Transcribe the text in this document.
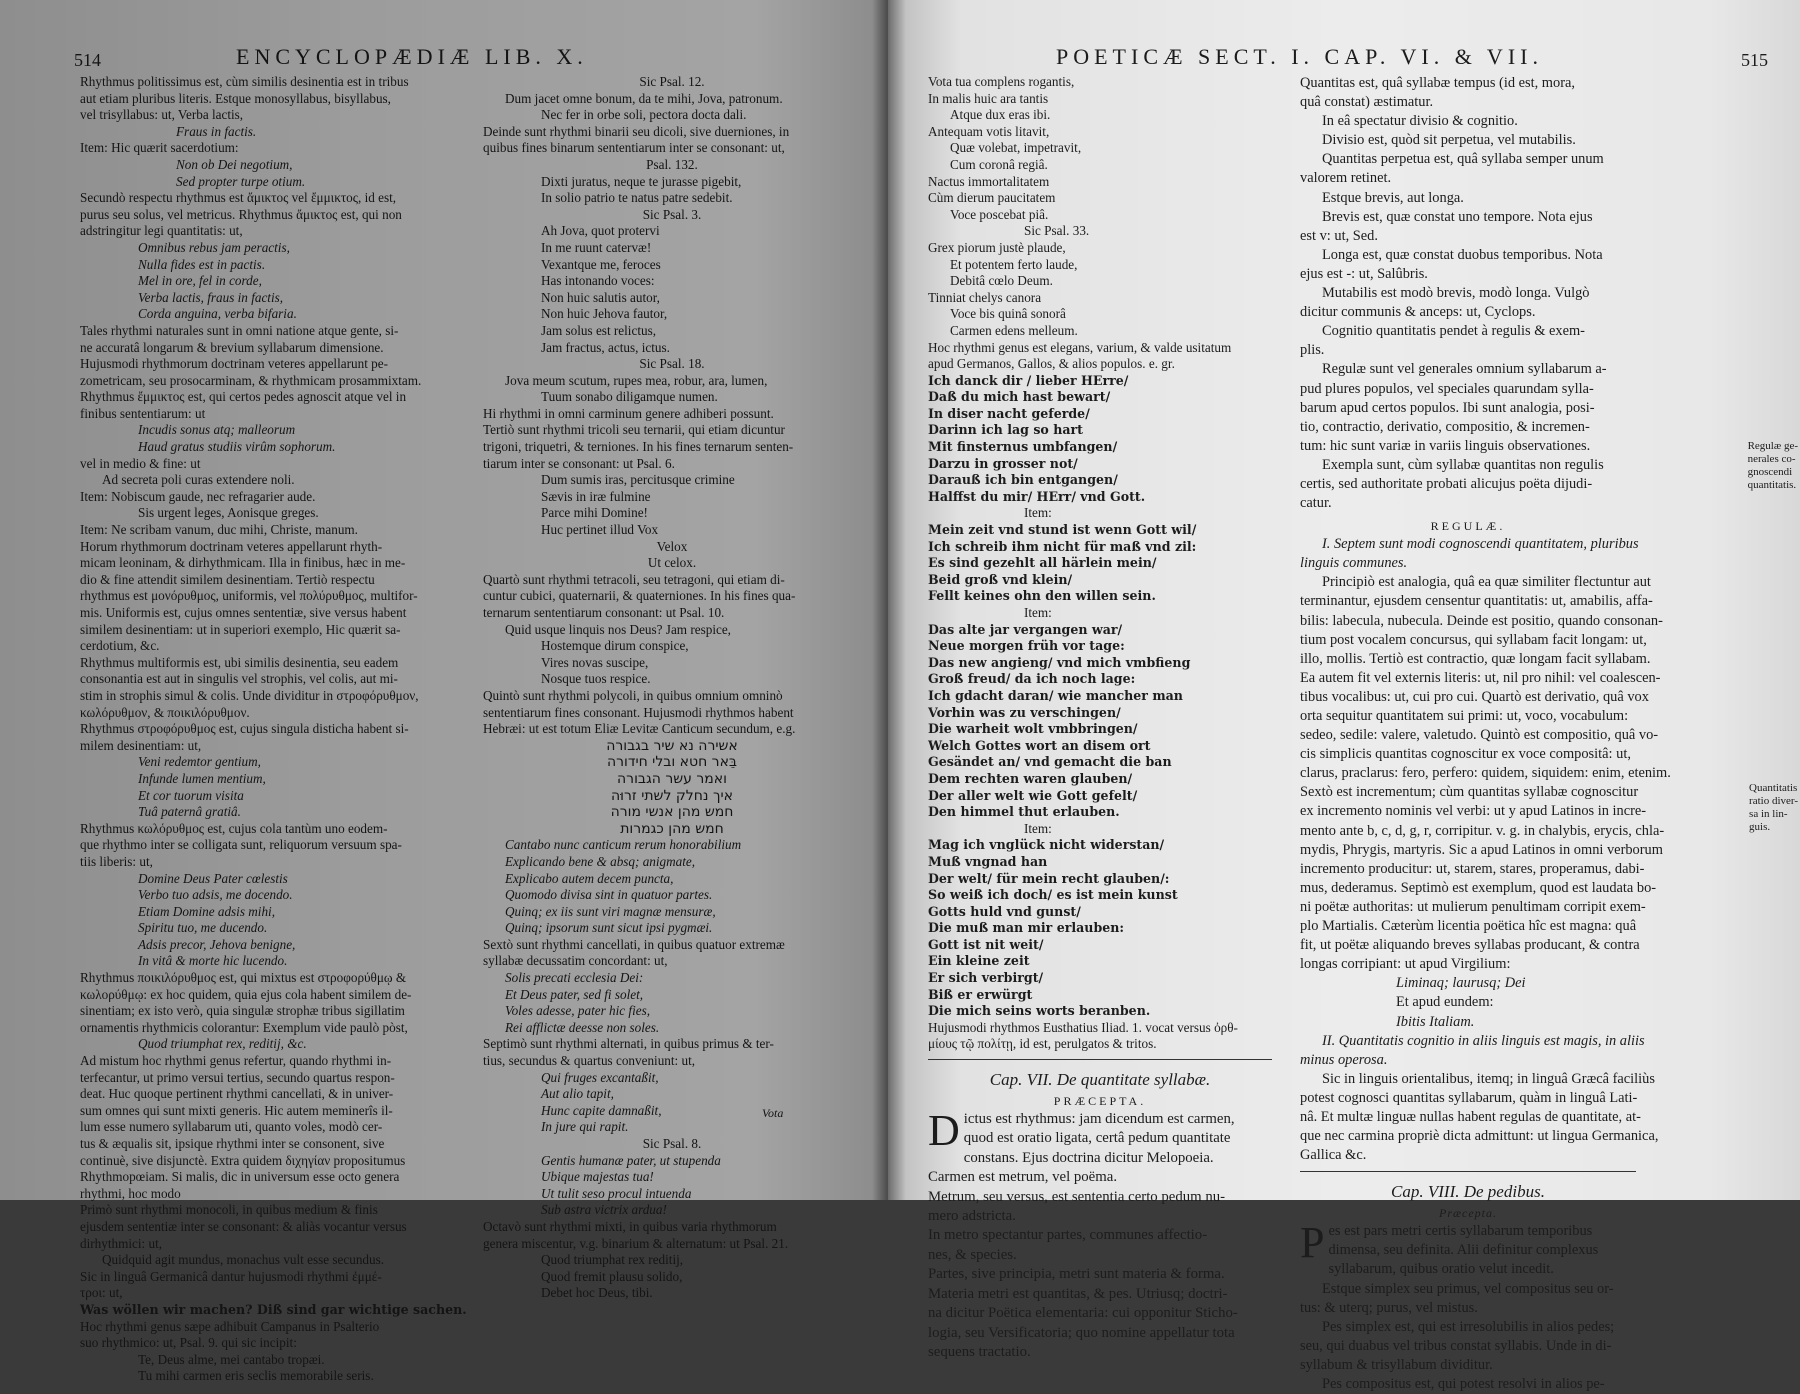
514	ENCYCLOPÆDIÆ LIB. X.
Rhythmus politissimus est, cùm similis desinentia est in tribus
aut etiam pluribus literis. Estque monosyllabus, bisyllabus,
vel trisyllabus: ut, Verba lactis,
Fraus in factis.
Item: Hic quærit sacerdotium:
Non ob Dei negotium,
Sed propter turpe otium.
Secundò respectu rhythmus est ἄμικτος vel ἔμμικτος, id est,
purus seu solus, vel metricus. Rhythmus ἄμικτος est, qui non
adstringitur legi quantitatis: ut,
Omnibus rebus jam peractis,
Nulla fides est in pactis.
Mel in ore, fel in corde,
Verba lactis, fraus in factis,
Corda anguina, verba bifaria.
Tales rhythmi naturales sunt in omni natione atque gente, si-
ne accuratâ longarum & brevium syllabarum dimensione.
Hujusmodi rhythmorum doctrinam veteres appellarunt pe-
zometricam, seu prosocarminam, & rhythmicam prosammixtam.
Rhythmus ἔμμικτος est, qui certos pedes agnoscit atque vel in
finibus sententiarum: ut
Incudis sonus atq; malleorum
Haud gratus studiis virûm sophorum.
vel in medio & fine: ut
Ad secreta poli curas extendere noli.
Item: Nobiscum gaude, nec refragarier aude.
Sis urgent leges, Aonisque greges.
Item: Ne scribam vanum, duc mihi, Christe, manum.
Horum rhythmorum doctrinam veteres appellarunt rhyth-
micam leoninam, & dirhythmicam. Illa in finibus, hæc in me-
dio & fine attendit similem desinentiam. Tertiò respectu
rhythmus est μονόρυθμος, uniformis, vel πολύρυθμος, multifor-
mis. Uniformis est, cujus omnes sententiæ, sive versus habent
similem desinentiam: ut in superiori exemplo, Hic quærit sa-
cerdotium, &c.
Rhythmus multiformis est, ubi similis desinentia, seu eadem
consonantia est aut in singulis vel strophis, vel colis, aut mi-
stim in strophis simul & colis. Unde dividitur in στροφόρυθμον,
κωλόρυθμον, & ποικιλόρυθμον.
Rhythmus στροφόρυθμος est, cujus singula disticha habent si-
milem desinentiam: ut,
Veni redemtor gentium,
Infunde lumen mentium,
Et cor tuorum visita
Tuâ paternâ gratiâ.
Rhythmus κωλόρυθμος est, cujus cola tantùm uno eodem-
que rhythmo inter se colligata sunt, reliquorum versuum spa-
tiis liberis: ut,
Domine Deus Pater cœlestis
Verbo tuo adsis, me docendo.
Etiam Domine adsis mihi,
Spiritu tuo, me ducendo.
Adsis precor, Jehova benigne,
In vitâ & morte hic lucendo.
Rhythmus ποικιλόρυθμος est, qui mixtus est στροφορύθμῳ &
κωλορύθμῳ: ex hoc quidem, quia ejus cola habent similem de-
sinentiam; ex isto verò, quia singulæ strophæ tribus sigillatim
ornamentis rhythmicis colorantur: Exemplum vide paulò pòst,
Quod triumphat rex, reditij, &c.
Ad mistum hoc rhythmi genus refertur, quando rhythmi in-
terfecantur, ut primo versui tertius, secundo quartus respon-
deat. Huc quoque pertinent rhythmi cancellati, & in univer-
sum omnes qui sunt mixti generis. Hic autem meminerîs il-
lum esse numero syllabarum uti, quanto voles, modò cer-
tus & æqualis sit, ipsique rhythmi inter se consonent, sive
continuè, sive disjunctè. Extra quidem διχηγίαν propositumus
Rhythmopœiam. Si malis, dic in universum esse octo genera
rhythmi, hoc modo
Primò sunt rhythmi monocoli, in quibus medium & finis
ejusdem sententiæ inter se consonant: & aliàs vocantur versus
dirhythmici: ut,
Quidquid agit mundus, monachus vult esse secundus.
Sic in linguâ Germanicâ dantur hujusmodi rhythmi ἐμμέ-
τροι: ut,
Was wöllen wir machen? Diß sind gar wichtige sachen.
Hoc rhythmi genus sæpe adhibuit Campanus in Psalterio
suo rhythmico: ut, Psal. 9. qui sic incipit:
Te, Deus alme, mei cantabo tropæi.
Tu mihi carmen eris seclis memorabile seris.
Sic Psal. 12.
Dum jacet omne bonum, da te mihi, Jova, patronum.
Nec fer in orbe soli, pectora docta dali.
Deinde sunt rhythmi binarii seu dicoli, sive duerniones, in
quibus fines binarum sententiarum inter se consonant: ut,
Psal. 132.
Dixti juratus, neque te jurasse pigebit,
In solio patrio te natus patre sedebit.
Sic Psal. 3.
Ah Jova, quot protervi
In me ruunt catervæ!
Vexantque me, feroces
Has intonando voces:
Non huic salutis autor,
Non huic Jehova fautor,
Jam solus est relictus,
Jam fractus, actus, ictus.
Sic Psal. 18.
Jova meum scutum, rupes mea, robur, ara, lumen,
Tuum sonabo diligamque numen.
Hi rhythmi in omni carminum genere adhiberi possunt.
Tertiò sunt rhythmi tricoli seu ternarii, qui etiam dicuntur
trigoni, triquetri, & terniones. In his fines ternarum senten-
tiarum inter se consonant: ut Psal. 6.
Dum sumis iras, percitusque crimine
Sævis in iræ fulmine
Parce mihi Domine!
Huc pertinet illud Vox
Velox
Ut celox.
Quartò sunt rhythmi tetracoli, seu tetragoni, qui etiam di-
cuntur cubici, quaternarii, & quaterniones. In his fines qua-
ternarum sententiarum consonant: ut Psal. 10.
Quid usque linquis nos Deus? Jam respice,
Hostemque dirum conspice,
Vires novas suscipe,
Nosque tuos respice.
Quintò sunt rhythmi polycoli, in quibus omnium omninò
sententiarum fines consonant. Hujusmodi rhythmos habent
Hebræi: ut est totum Eliæ Levitæ Canticum secundum, e.g.
אשירה נא שיר בגבורה
בֵּאר חטא ובלי חידורה
ואמר עשר הגבורה
איך נחלק לשתי זרוּה
חמש מהן אנשי מורה
חמש מהן כגמרות
Cantabo nunc canticum rerum honorabilium
Explicando bene & absq; anigmate,
Explicabo autem decem puncta,
Quomodo divisa sint in quatuor partes.
Quinq; ex iis sunt viri magnæ mensuræ,
Quinq; ipsorum sunt sicut ipsi pygmæi.
Sextò sunt rhythmi cancellati, in quibus quatuor extremæ
syllabæ decussatim concordant: ut,
Solis precati ecclesia Dei:
Et Deus pater, sed fi solet,
Voles adesse, pater hic fies,
Rei afflictæ deesse non soles.
Septimò sunt rhythmi alternati, in quibus primus & ter-
tius, secundus & quartus conveniunt: ut,
Qui fruges excantaßit,
Aut alio tapit,
Hunc capite damnaßit,
In jure qui rapit.
Sic Psal. 8.
Gentis humanæ pater, ut stupenda
Ubique majestas tua!
Ut tulit seso procul intuenda
Sub astra victrix ardua!
Octavò sunt rhythmi mixti, in quibus varia rhythmorum
genera miscentur, v.g. binarium & alternatum: ut Psal. 21.
Quod triumphat rex reditij,
Quod fremit plausu solido,
Debet hoc Deus, tibi.
Vota
POETICÆ SECT. I. CAP. VI. & VII.	515
Vota tua complens rogantis,
In malis huic ara tantis
Atque dux eras ibi.
Antequam votis litavit,
Quæ volebat, impetravit,
Cum coronâ regiâ.
Nactus immortalitatem
Cùm dierum paucitatem
Voce poscebat piâ.
Sic Psal. 33.
Grex piorum justè plaude,
Et potentem ferto laude,
Debitâ cœlo Deum.
Tinniat chelys canora
Voce bis quinâ sonorâ
Carmen edens melleum.
Hoc rhythmi genus est elegans, varium, & valde usitatum
apud Germanos, Gallos, & alios populos. e. gr.
Ich danck dir / lieber HErre/
Daß du mich hast bewart/
In diser nacht geferde/
Darinn ich lag so hart
Mit finsternus umbfangen/
Darzu in grosser not/
Darauß ich bin entgangen/
Halffst du mir/ HErr/ vnd Gott.
Item:
Mein zeit vnd stund ist wenn Gott wil/
Ich schreib ihm nicht für maß vnd zil:
Es sind gezehlt all härlein mein/
Beid groß vnd klein/
Fellt keines ohn den willen sein.
Item:
Das alte jar vergangen war/
Neue morgen früh vor tage:
Das new angieng/ vnd mich vmbfieng
Groß freud/ da ich noch lage:
Ich gdacht daran/ wie mancher man
Vorhin was zu verschingen/
Die warheit wolt vmbbringen/
Welch Gottes wort an disem ort
Gesändet an/ vnd gemacht die ban
Dem rechten waren glauben/
Der aller welt wie Gott gefelt/
Den himmel thut erlauben.
Item:
Mag ich vnglück nicht widerstan/
Muß vngnad han
Der welt/ für mein recht glauben/:
So weiß ich doch/ es ist mein kunst
Gotts huld vnd gunst/
Die muß man mir erlauben:
Gott ist nit weit/
Ein kleine zeit
Er sich verbirgt/
Biß er erwürgt
Die mich seins worts beranben.
Hujusmodi rhythmos Eusthatius Iliad. 1. vocat versus ὀρθ-
μίους τῷ πολίτῃ, id est, perulgatos & tritos.
Cap. VII. De quantitate syllabæ.
PRÆCEPTA.
D ictus est rhythmus: jam dicendum est carmen,
quod est oratio ligata, certâ pedum quantitate
constans. Ejus doctrina dicitur Melopoeia.
Carmen est metrum, vel poëma.
Metrum, seu versus, est sententia certo pedum nu-
mero adstricta.
In metro spectantur partes, communes affectio-
nes, & species.
Partes, sive principia, metri sunt materia & forma.
Materia metri est quantitas, & pes. Utriusq; doctri-
na dicitur Poëtica elementaria: cui opponitur Sticho-
logia, seu Versificatoria; quo nomine appellatur tota
sequens tractatio.
Quantitas est, quâ syllabæ tempus (id est, mora,
quâ constat) æstimatur.
In eâ spectatur divisio & cognitio.
Divisio est, quòd sit perpetua, vel mutabilis.
Quantitas perpetua est, quâ syllaba semper unum
valorem retinet.
Estque brevis, aut longa.
Brevis est, quæ constat uno tempore. Nota ejus
est v: ut, Sed.
Longa est, quæ constat duobus temporibus. Nota
ejus est -: ut, Salûbris.
Mutabilis est modò brevis, modò longa. Vulgò
dicitur communis & anceps: ut, Cyclops.
Cognitio quantitatis pendet à regulis & exem-
plis.
Regulæ sunt vel generales omnium syllabarum a-
pud plures populos, vel speciales quarundam sylla-
barum apud certos populos. Ibi sunt analogia, posi-
tio, contractio, derivatio, compositio, & incremen-
tum: hic sunt variæ in variis linguis observationes.
Exempla sunt, cùm syllabæ quantitas non regulis
certis, sed authoritate probati alicujus poëta dijudi-
catur.
REGULÆ.
I. Septem sunt modi cognoscendi quantitatem, pluribus
linguis communes.
Principiò est analogia, quâ ea quæ similiter flectuntur aut
terminantur, ejusdem censentur quantitatis: ut, amabilis, affa-
bilis: labecula, nubecula. Deinde est positio, quando consonan-
tium post vocalem concursus, qui syllabam facit longam: ut,
illo, mollis. Tertiò est contractio, quæ longam facit syllabam.
Ea autem fit vel externis literis: ut, nil pro nihil: vel coalescen-
tibus vocalibus: ut, cui pro cui. Quartò est derivatio, quâ vox
orta sequitur quantitatem sui primi: ut, voco, vocabulum:
sedeo, sedile: valere, valetudo. Quintò est compositio, quâ vo-
cis simplicis quantitas cognoscitur ex voce compositâ: ut,
clarus, praclarus: fero, perfero: quidem, siquidem: enim, etenim.
Sextò est incrementum; cùm quantitas syllabæ cognoscitur
ex incremento nominis vel verbi: ut y apud Latinos in incre-
mento ante b, c, d, g, r, corripitur. v. g. in chalybis, erycis, chla-
mydis, Phrygis, martyris. Sic a apud Latinos in omni verborum
incremento producitur: ut, starem, stares, properamus, dabi-
mus, dederamus. Septimò est exemplum, quod est laudata bo-
ni poëtæ authoritas: ut mulierum penultimam corripit exem-
plo Martialis. Cæterùm licentia poëtica hîc est magna: quâ
fit, ut poëtæ aliquando breves syllabas producant, & contra
longas corripiant: ut apud Virgilium:
Liminaq; laurusq; Dei
Et apud eundem:
Ibitis Italiam.
II. Quantitatis cognitio in aliis linguis est magis, in aliis
minus operosa.
Sic in linguis orientalibus, itemq; in linguâ Græcâ faciliùs
potest cognosci quantitas syllabarum, quàm in linguâ Lati-
nâ. Et multæ linguæ nullas habent regulas de quantitate, at-
que nec carmina propriè dicta admittunt: ut lingua Germanica,
Gallica &c.
Cap. VIII. De pedibus.
Præcepta.
P es est pars metri certis syllabarum temporibus
dimensa, seu definita. Alii definitur complexus
syllabarum, quibus oratio velut incedit.
Estque simplex seu primus, vel compositus seu or-
tus: & uterq; purus, vel mistus.
Pes simplex est, qui est irresolubilis in alios pedes;
seu, qui duabus vel tribus constat syllabis. Unde in di-
syllabum & trisyllabum dividitur.
Pes compositus est, qui potest resolvi in alios pe-
Regulæ ge-
nerales co-
gnoscendi
quantitatis.
Quantitatis
ratio diver-
sa in lin-
guis.
